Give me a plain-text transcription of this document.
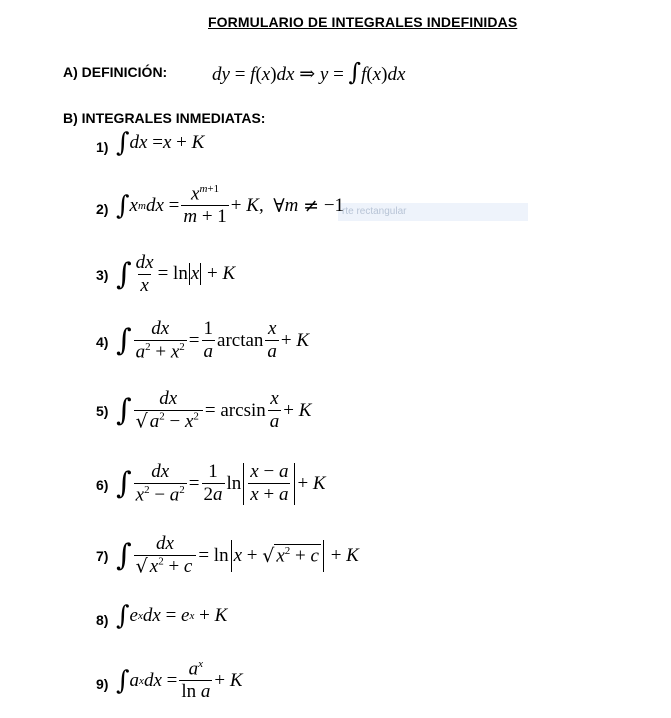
FORMULARIO DE INTEGRALES INDEFINIDAS
A) DEFINICIÓN: dy = f(x)dx ⇒ y = ∫f(x)dx
B) INTEGRALES INMEDIATAS:
1) ∫ dx = x + K
2)	rte rectangular
∫ x m dx = $\frac{x^{m+1}}{m + 1} + K$ , ∀ m
≠ −1
3) ∫ $\frac{dx}{x} = \ln x + K$
4) ∫ $\frac{dx}{a^2 + x^2} = \frac{1}{a}$ $\arctan \frac{x}{a} + K$
5) ∫ $\frac{dx}{√ a^2 - x^2} = \arcsin \frac{x}{a} + K$
6) ∫ $\frac{dx}{x^2 - a^2} = \frac{1}{2a}$ $\ln \frac{x - a}{x + a} + K$
7) ∫ $\frac{dx}{√ x^2 + c} = \ln x$ + √ $x^2 + c + K$
8) ∫ e x dx = e x + K
9) ∫ a x dx = $\frac{a^x}{\text{ln a}} + K$
